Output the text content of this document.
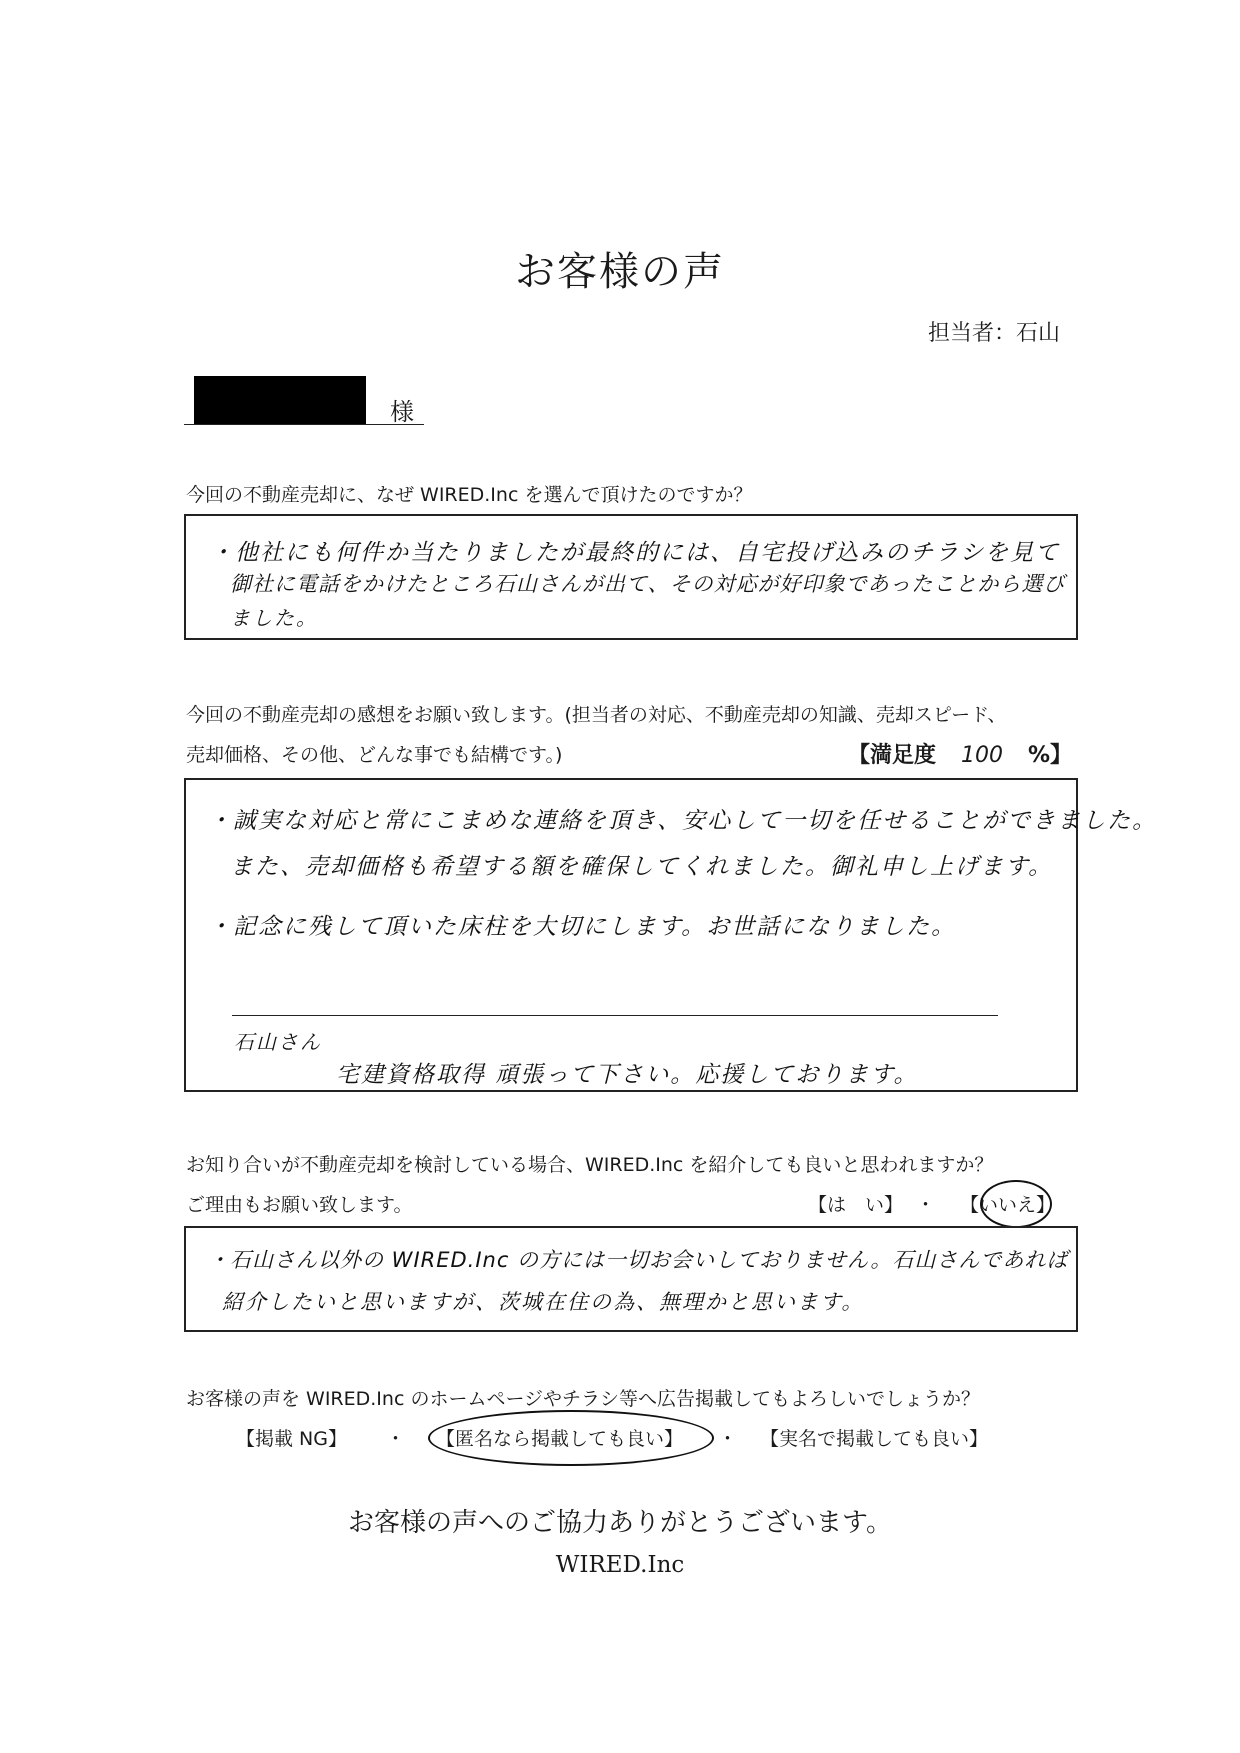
お客様の声
担当者：石山
様
今回の不動産売却に、なぜ WIRED.Inc を選んで頂けたのですか？
・他社にも何件か当たりましたが最終的には、自宅投げ込みのチラシを見て
御社に電話をかけたところ石山さんが出て、その対応が好印象であったことから選び
ました。
今回の不動産売却の感想をお願い致します。(担当者の対応、不動産売却の知識、売却スピード、
売却価格、その他、どんな事でも結構です。)	【満足度 100 %】
・誠実な対応と常にこまめな連絡を頂き、安心して一切を任せることができました。
また、売却価格も希望する額を確保してくれました。御礼申し上げます。
・記念に残して頂いた床柱を大切にします。お世話になりました。
石山さん
宅建資格取得 頑張って下さい。応援しております。
お知り合いが不動産売却を検討している場合、WIRED.Inc を紹介しても良いと思われますか？
ご理由もお願い致します。	【は　い】 ・ 【いいえ】
・石山さん以外の WIRED.Inc の方には一切お会いしておりません。石山さんであれば
紹介したいと思いますが、茨城在住の為、無理かと思います。
お客様の声を WIRED.Inc のホームページやチラシ等へ広告掲載してもよろしいでしょうか？
【掲載 NG】 ・ 【匿名なら掲載しても良い】 ・ 【実名で掲載しても良い】
お客様の声へのご協力ありがとうございます。
WIRED.Inc
